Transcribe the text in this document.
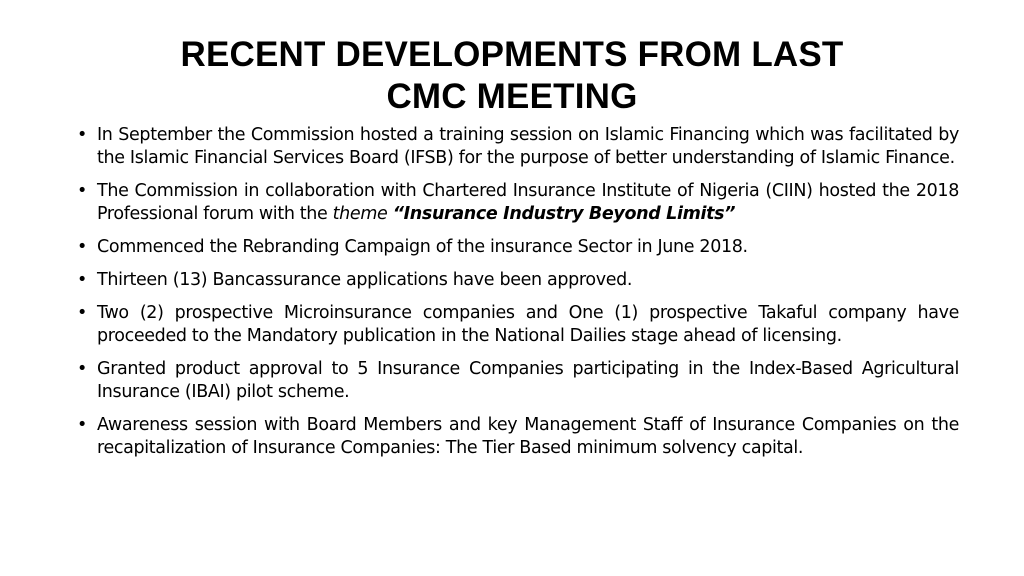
RECENT DEVELOPMENTS FROM LAST
CMC MEETING
• In September the Commission hosted a training session on Islamic Financing which was facilitated by the Islamic Financial Services Board (IFSB) for the purpose of better understanding of Islamic Finance.
• The Commission in collaboration with Chartered Insurance Institute of Nigeria (CIIN) hosted the 2018 Professional forum with the theme “Insurance Industry Beyond Limits”
• Commenced the Rebranding Campaign of the insurance Sector in June 2018.
• Thirteen (13) Bancassurance applications have been approved.
• Two (2) prospective Microinsurance companies and One (1) prospective Takaful company have proceeded to the Mandatory publication in the National Dailies stage ahead of licensing.
• Granted product approval to 5 Insurance Companies participating in the Index-Based Agricultural Insurance (IBAI) pilot scheme.
• Awareness session with Board Members and key Management Staff of Insurance Companies on the recapitalization of Insurance Companies: The Tier Based minimum solvency capital.
